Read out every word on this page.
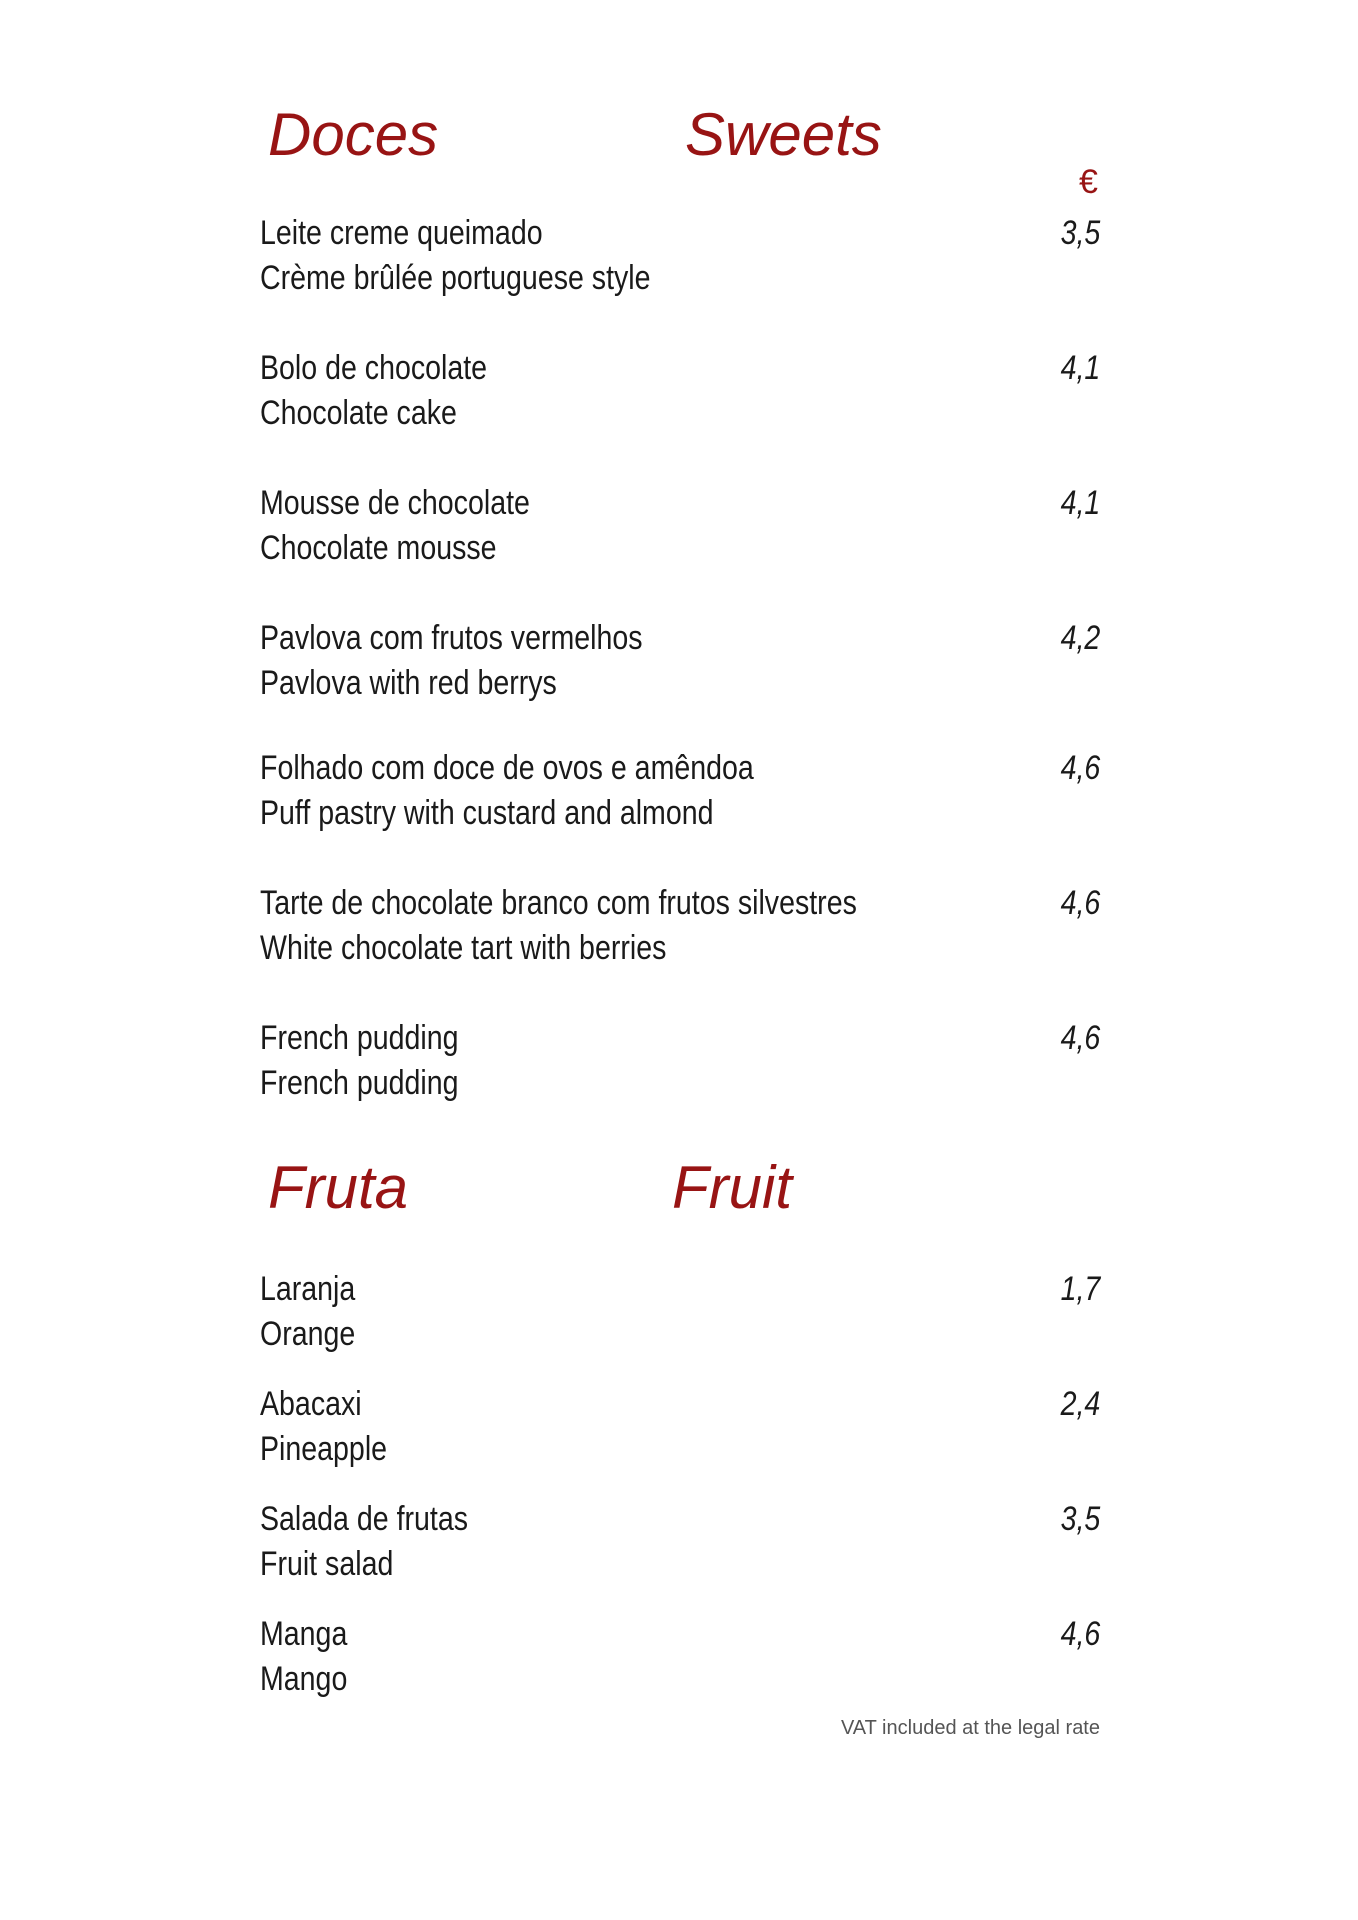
Doces	Sweets
€
Leite creme queimado
Crème brûlée portuguese style
3,5
Bolo de chocolate
Chocolate cake
4,1
Mousse de chocolate
Chocolate mousse
4,1
Pavlova com frutos vermelhos
Pavlova with red berrys
4,2
Folhado com doce de ovos e amêndoa
Puff pastry with custard and almond
4,6
Tarte de chocolate branco com frutos silvestres
White chocolate tart with berries
4,6
French pudding
French pudding
4,6
Fruta	Fruit
Laranja
Orange
1,7
Abacaxi
Pineapple
2,4
Salada de frutas
Fruit salad
3,5
Manga
Mango
4,6
VAT included at the legal rate
